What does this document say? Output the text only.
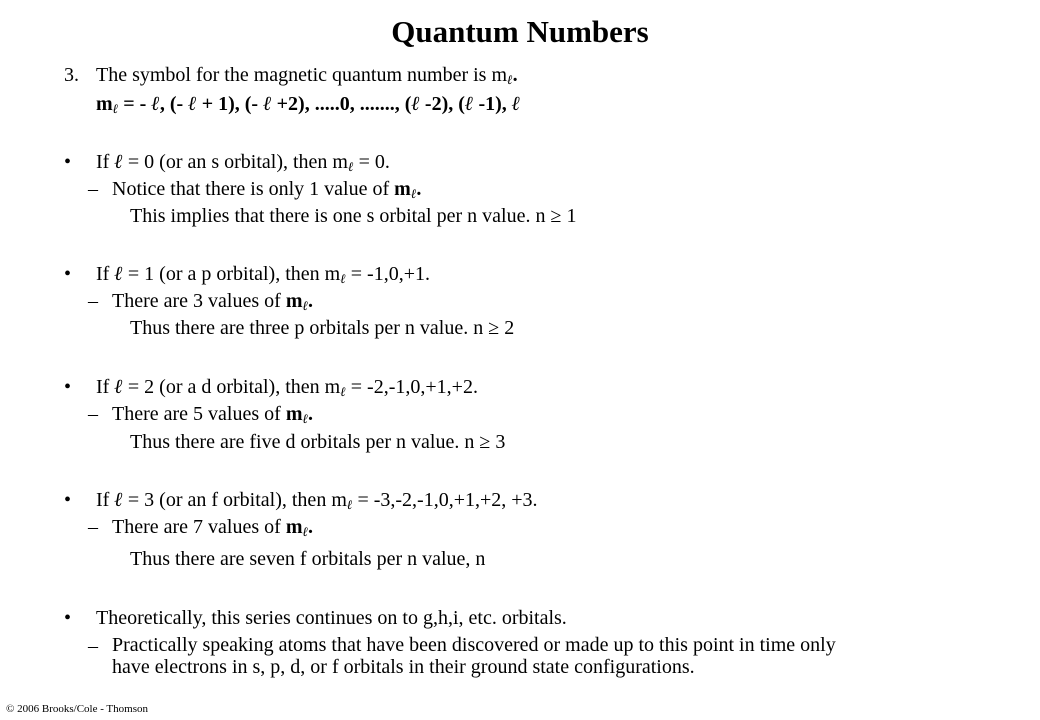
Quantum Numbers
3. The symbol for the magnetic quantum number is $m_\ell$.
$m_\ell$ = - ℓ, (- ℓ + 1), (- ℓ +2), .....0, ......., (ℓ -2), (ℓ -1), ℓ
• If ℓ = 0 (or an s orbital), then $m_\ell = 0$.
– Notice that there is only 1 value of $m_\ell$.
This implies that there is one s orbital per n value. n ≥ 1
• If ℓ = 1 (or a p orbital), then $m_\ell = -1,0,+1$.
– There are 3 values of $m_\ell$.
Thus there are three p orbitals per n value. n ≥ 2
• If ℓ = 2 (or a d orbital), then $m_\ell = -2,-1,0,+1,+2$.
– There are 5 values of $m_\ell$.
Thus there are five d orbitals per n value. n ≥ 3
• If ℓ = 3 (or an f orbital), then $m_\ell = -3,-2,-1,0,+1,+2$, +3.
– There are 7 values of $m_\ell$.
Thus there are seven f orbitals per n value, n
• Theoretically, this series continues on to g,h,i, etc. orbitals.
– Practically speaking atoms that have been discovered or made up to this point in time only
have electrons in s, p, d, or f orbitals in their ground state configurations.
© 2006 Brooks/Cole - Thomson
